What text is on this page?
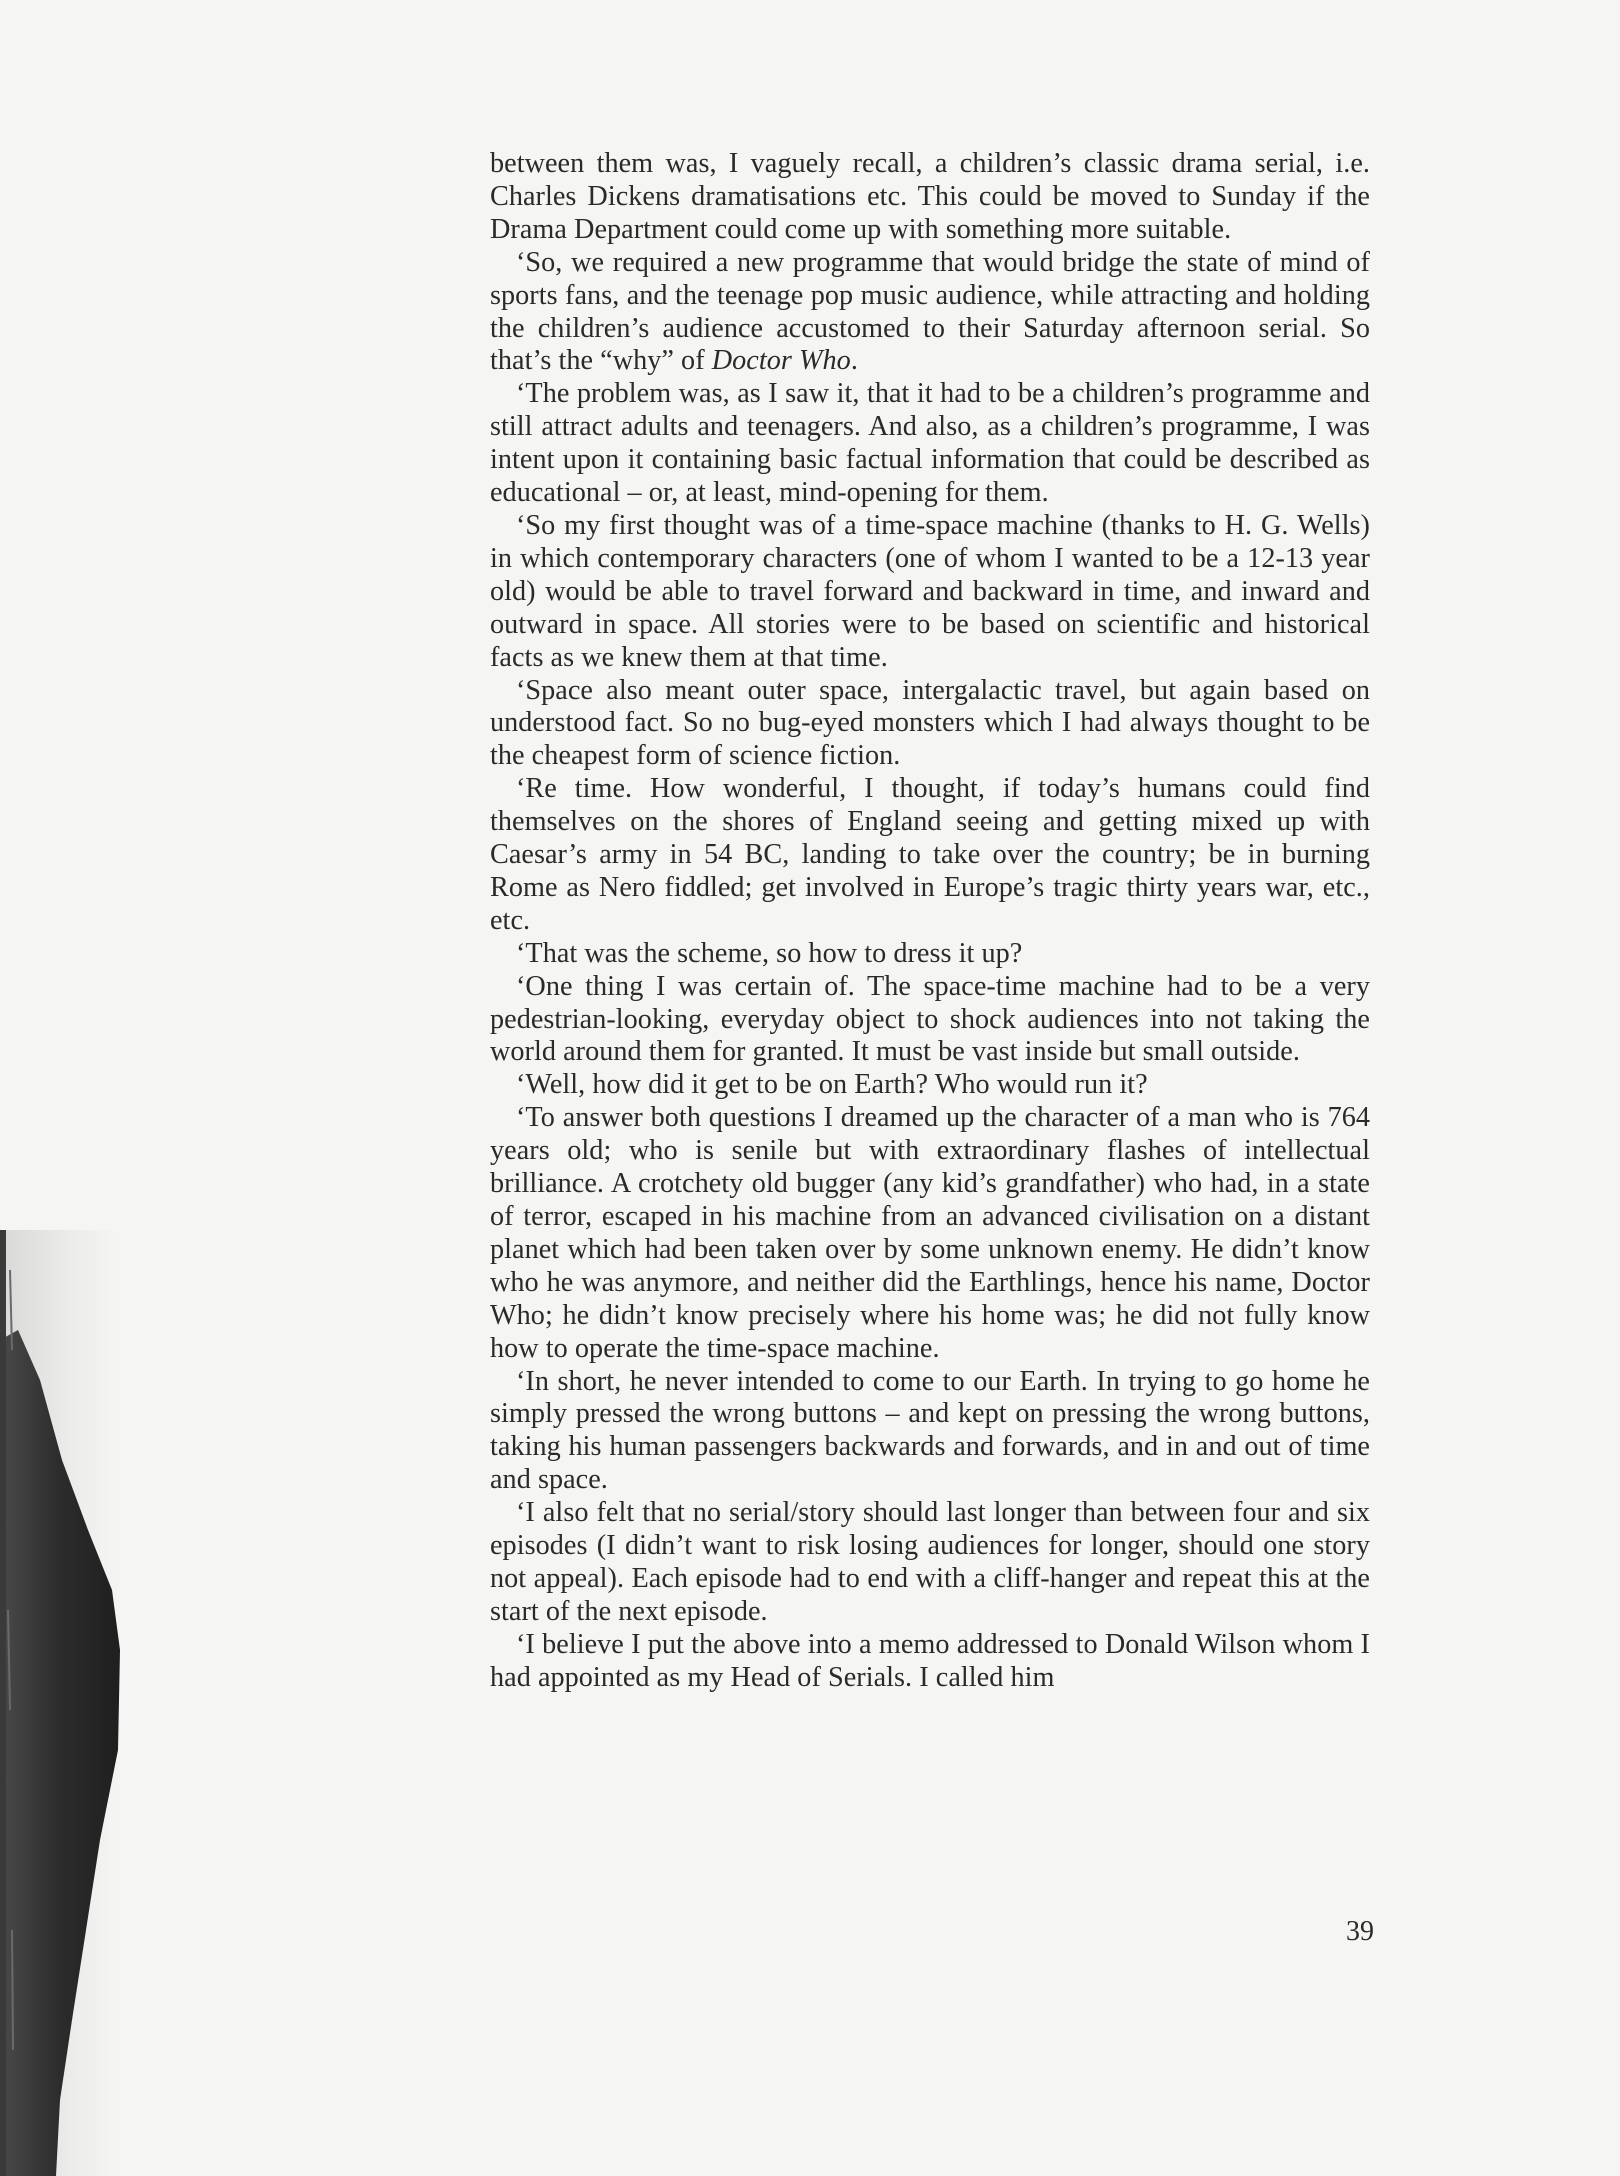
between them was, I vaguely recall, a children’s classic drama serial, i.e. Charles Dickens dramatisations etc. This could be moved to Sunday if the Drama Department could come up with something more suitable.

‘So, we required a new programme that would bridge the state of mind of sports fans, and the teenage pop music audience, while attracting and holding the children’s audience accustomed to their Saturday afternoon serial. So that’s the “why” of Doctor Who.

‘The problem was, as I saw it, that it had to be a children’s programme and still attract adults and teenagers. And also, as a children’s programme, I was intent upon it containing basic factual information that could be described as educational – or, at least, mind-opening for them.

‘So my first thought was of a time-space machine (thanks to H. G. Wells) in which contemporary characters (one of whom I wanted to be a 12-13 year old) would be able to travel forward and backward in time, and inward and outward in space. All stories were to be based on scientific and historical facts as we knew them at that time.

‘Space also meant outer space, intergalactic travel, but again based on understood fact. So no bug-eyed monsters which I had always thought to be the cheapest form of science fiction.

‘Re time. How wonderful, I thought, if today’s humans could find themselves on the shores of England seeing and getting mixed up with Caesar’s army in 54 BC, landing to take over the country; be in burning Rome as Nero fiddled; get involved in Europe’s tragic thirty years war, etc., etc.

‘That was the scheme, so how to dress it up?

‘One thing I was certain of. The space-time machine had to be a very pedestrian-looking, everyday object to shock audiences into not taking the world around them for granted. It must be vast inside but small outside.

‘Well, how did it get to be on Earth? Who would run it?

‘To answer both questions I dreamed up the character of a man who is 764 years old; who is senile but with extraordinary flashes of intellectual brilliance. A crotchety old bugger (any kid’s grandfather) who had, in a state of terror, escaped in his machine from an advanced civilisation on a distant planet which had been taken over by some unknown enemy. He didn’t know who he was anymore, and neither did the Earthlings, hence his name, Doctor Who; he didn’t know precisely where his home was; he did not fully know how to operate the time-space machine.

‘In short, he never intended to come to our Earth. In trying to go home he simply pressed the wrong buttons – and kept on pressing the wrong buttons, taking his human passengers backwards and forwards, and in and out of time and space.

‘I also felt that no serial/story should last longer than between four and six episodes (I didn’t want to risk losing audiences for longer, should one story not appeal). Each episode had to end with a cliff-hanger and repeat this at the start of the next episode.

‘I believe I put the above into a memo addressed to Donald Wilson whom I had appointed as my Head of Serials. I called him

39
